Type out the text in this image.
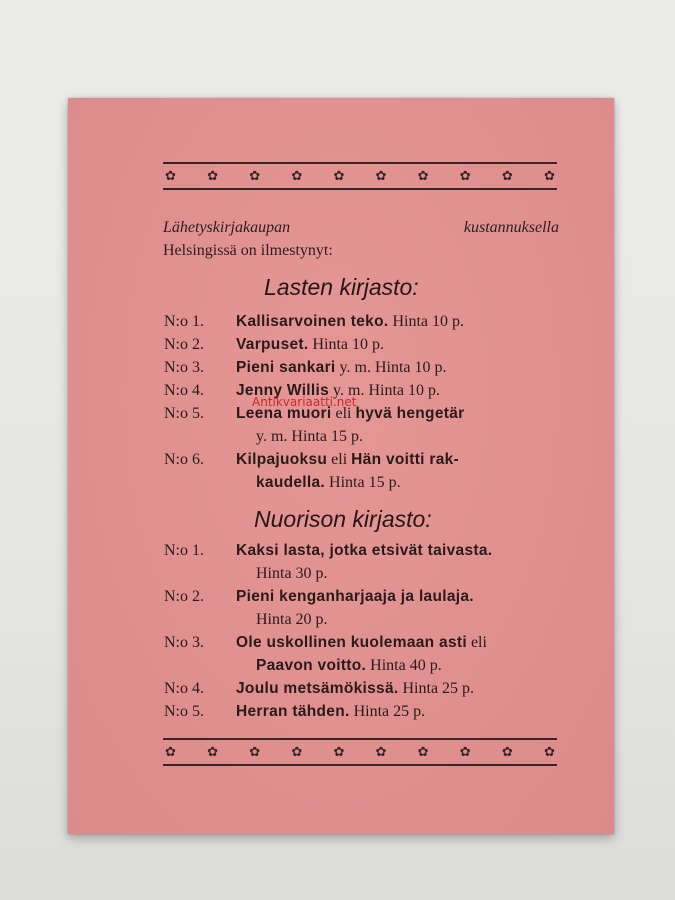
✿ ✿ ✿ ✿ ✿ ✿ ✿ ✿ ✿ ✿
Lähetyskirjakaupan	kustannuksella
Helsingissä on ilmestynyt:
Lasten kirjasto:
N:o 1.	Kallisarvoinen teko. Hinta 10 p.
N:o 2.	Varpuset. Hinta 10 p.
N:o 3.	Pieni sankari y. m. Hinta 10 p.
N:o 4.	Jenny Willis y. m. Hinta 10 p.
N:o 5.	Leena muori eli hyvä hengetär
y. m. Hinta 15 p.
N:o 6.	Kilpajuoksu eli Hän voitti rak-
kaudella. Hinta 15 p.
Nuorison kirjasto:
N:o 1.	Kaksi lasta, jotka etsivät taivasta.
Hinta 30 p.
N:o 2.	Pieni kenganharjaaja ja laulaja.
Hinta 20 p.
N:o 3.	Ole uskollinen kuolemaan asti eli
Paavon voitto. Hinta 40 p.
N:o 4.	Joulu metsämökissä. Hinta 25 p.
N:o 5.	Herran tähden. Hinta 25 p.
✿ ✿ ✿ ✿ ✿ ✿ ✿ ✿ ✿ ✿
Antikvariaatti.net
